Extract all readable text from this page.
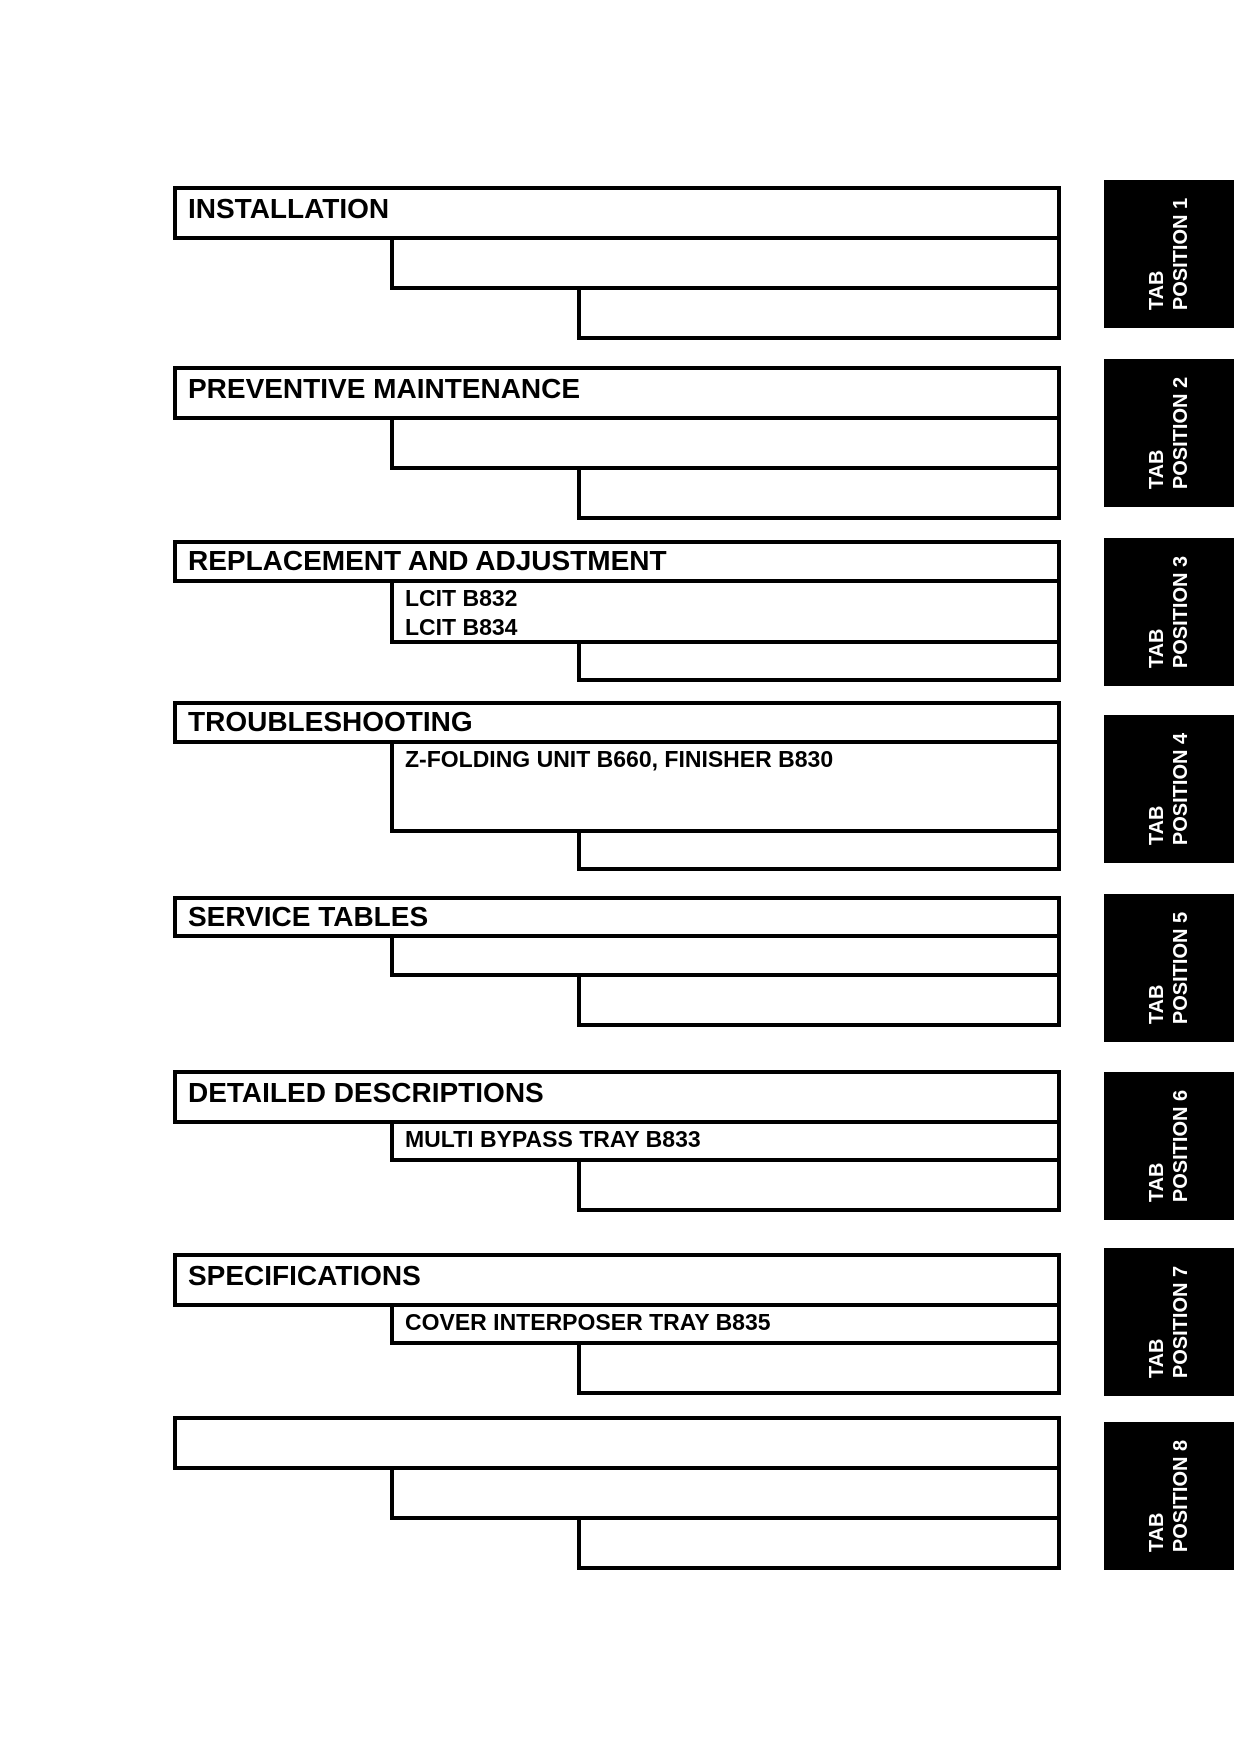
INSTALLATION
PREVENTIVE MAINTENANCE
REPLACEMENT AND ADJUSTMENT
LCIT B832
LCIT B834
TROUBLESHOOTING
Z-FOLDING UNIT B660, FINISHER B830
SERVICE TABLES
DETAILED DESCRIPTIONS
MULTI BYPASS TRAY B833
SPECIFICATIONS
COVER INTERPOSER TRAY B835
TAB POSITION 1
TAB POSITION 2
TAB POSITION 3
TAB POSITION 4
TAB POSITION 5
TAB POSITION 6
TAB POSITION 7
TAB POSITION 8
